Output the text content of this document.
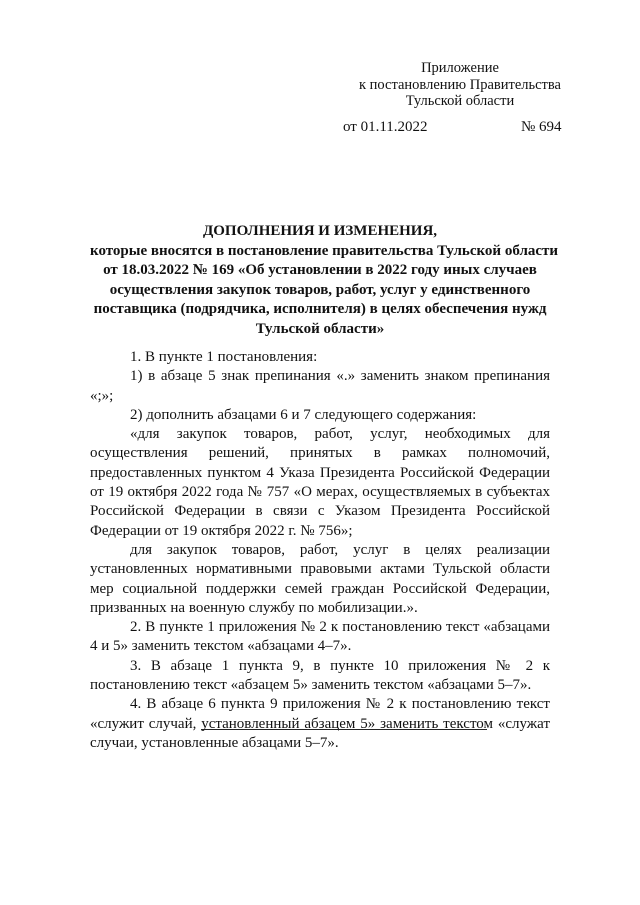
Приложение
к постановлению Правительства
Тульской области
от 01.11.2022	№ 694
ДОПОЛНЕНИЯ И ИЗМЕНЕНИЯ,
которые вносятся в постановление правительства Тульской области
от 18.03.2022 № 169 «Об установлении в 2022 году иных случаев
осуществления закупок товаров, работ, услуг у единственного
поставщика (подрядчика, исполнителя) в целях обеспечения нужд
Тульской области»

1. В пункте 1 постановления:

1) в абзаце 5 знак препинания «.» заменить знаком препинания «;»;

2) дополнить абзацами 6 и 7 следующего содержания:

«для закупок товаров, работ, услуг, необходимых для осуществления решений, принятых в рамках полномочий, предоставленных пунктом 4 Указа Президента Российской Федерации от 19 октября 2022 года № 757 «О мерах, осуществляемых в субъектах Российской Федерации в связи с Указом Президента Российской Федерации от 19 октября 2022 г. № 756»;

для закупок товаров, работ, услуг в целях реализации установленных нормативными правовыми актами Тульской области мер социальной поддержки семей граждан Российской Федерации, призванных на военную службу по мобилизации.».

2. В пункте 1 приложения № 2 к постановлению текст «абзацами 4 и 5» заменить текстом «абзацами 4–7».

3. В абзаце 1 пункта 9, в пункте 10 приложения № 2 к постановлению текст «абзацем 5» заменить текстом «абзацами 5–7».

4. В абзаце 6 пункта 9 приложения № 2 к постановлению текст «служит случай, установленный абзацем 5» заменить текстом «служат случаи, установленные абзацами 5–7».
